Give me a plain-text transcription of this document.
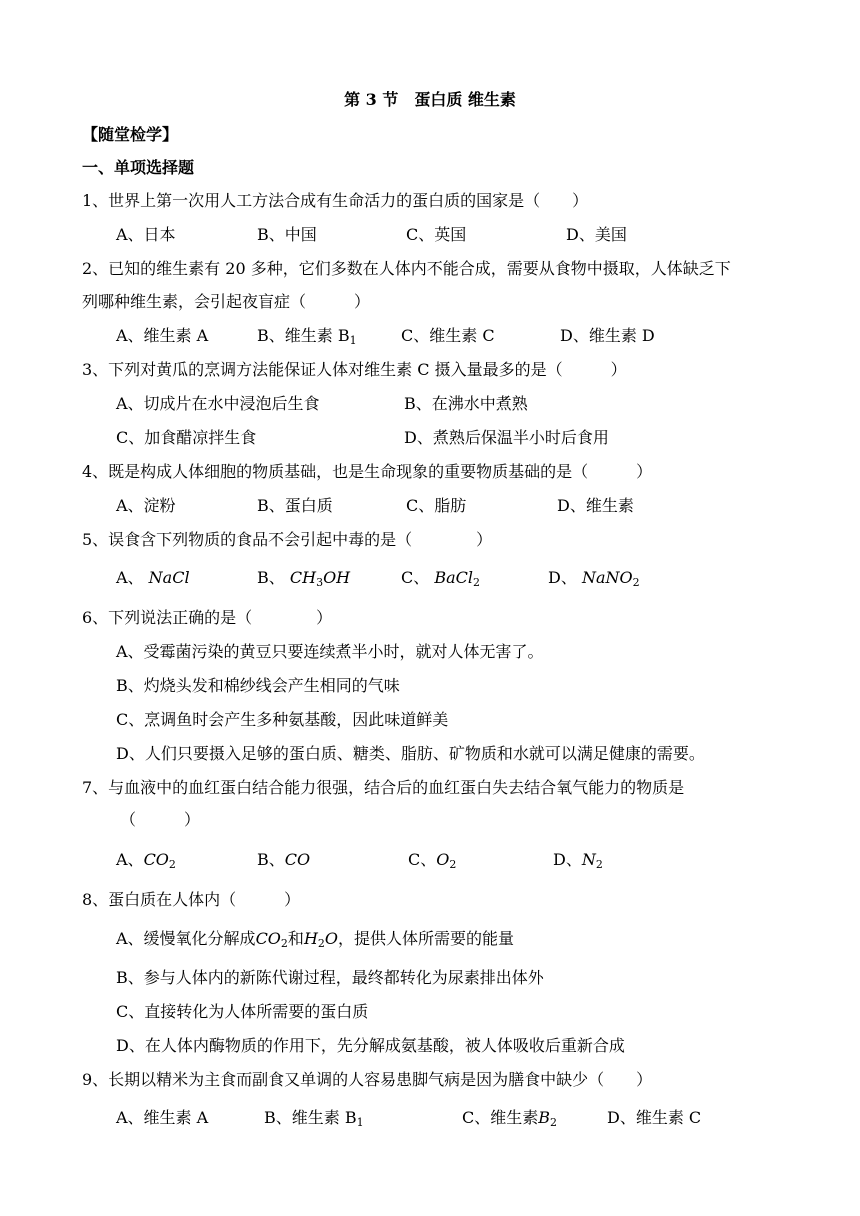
第 3 节　蛋白质 维生素
【随堂检学】
一、单项选择题
1、世界上第一次用人工方法合成有生命活力的蛋白质的国家是（　　）
A、日本	B、中国	C、英国	D、美国
2、已知的维生素有 20 多种，它们多数在人体内不能合成，需要从食物中摄取，人体缺乏下
列哪种维生素，会引起夜盲症（　　　）
A、维生素 A	B、维生素 $B_1$	C、维生素 C	D、维生素 D
3、下列对黄瓜的烹调方法能保证人体对维生素 C 摄入量最多的是（　　　）
A、切成片在水中浸泡后生食	B、在沸水中煮熟
C、加食醋凉拌生食	D、煮熟后保温半小时后食用
4、既是构成人体细胞的物质基础，也是生命现象的重要物质基础的是（　　　）
A、淀粉	B、蛋白质	C、脂肪	D、维生素
5、误食含下列物质的食品不会引起中毒的是（　　　　）
A、 NaCl	B、 $CH_3OH$	C、 BaCl$_2$	D、 NaNO$_2$
6、下列说法正确的是（　　　　）
A、受霉菌污染的黄豆只要连续煮半小时，就对人体无害了。
B、灼烧头发和棉纱线会产生相同的气味
C、烹调鱼时会产生多种氨基酸，因此味道鲜美
D、人们只要摄入足够的蛋白质、糖类、脂肪、矿物质和水就可以满足健康的需要。
7、与血液中的血红蛋白结合能力很强，结合后的血红蛋白失去结合氧气能力的物质是
（　　　）
A、$CO_2$	B、CO	C、$O_2$	D、$N_2$
8、蛋白质在人体内（　　　）
A、缓慢氧化分解成$CO_2$和$H_2O$，提供人体所需要的能量
B、参与人体内的新陈代谢过程，最终都转化为尿素排出体外
C、直接转化为人体所需要的蛋白质
D、在人体内酶物质的作用下，先分解成氨基酸，被人体吸收后重新合成
9、长期以精米为主食而副食又单调的人容易患脚气病是因为膳食中缺少（　　）
A、维生素 A	B、维生素 $B_1$	C、维生素$B_2$	D、维生素 C
